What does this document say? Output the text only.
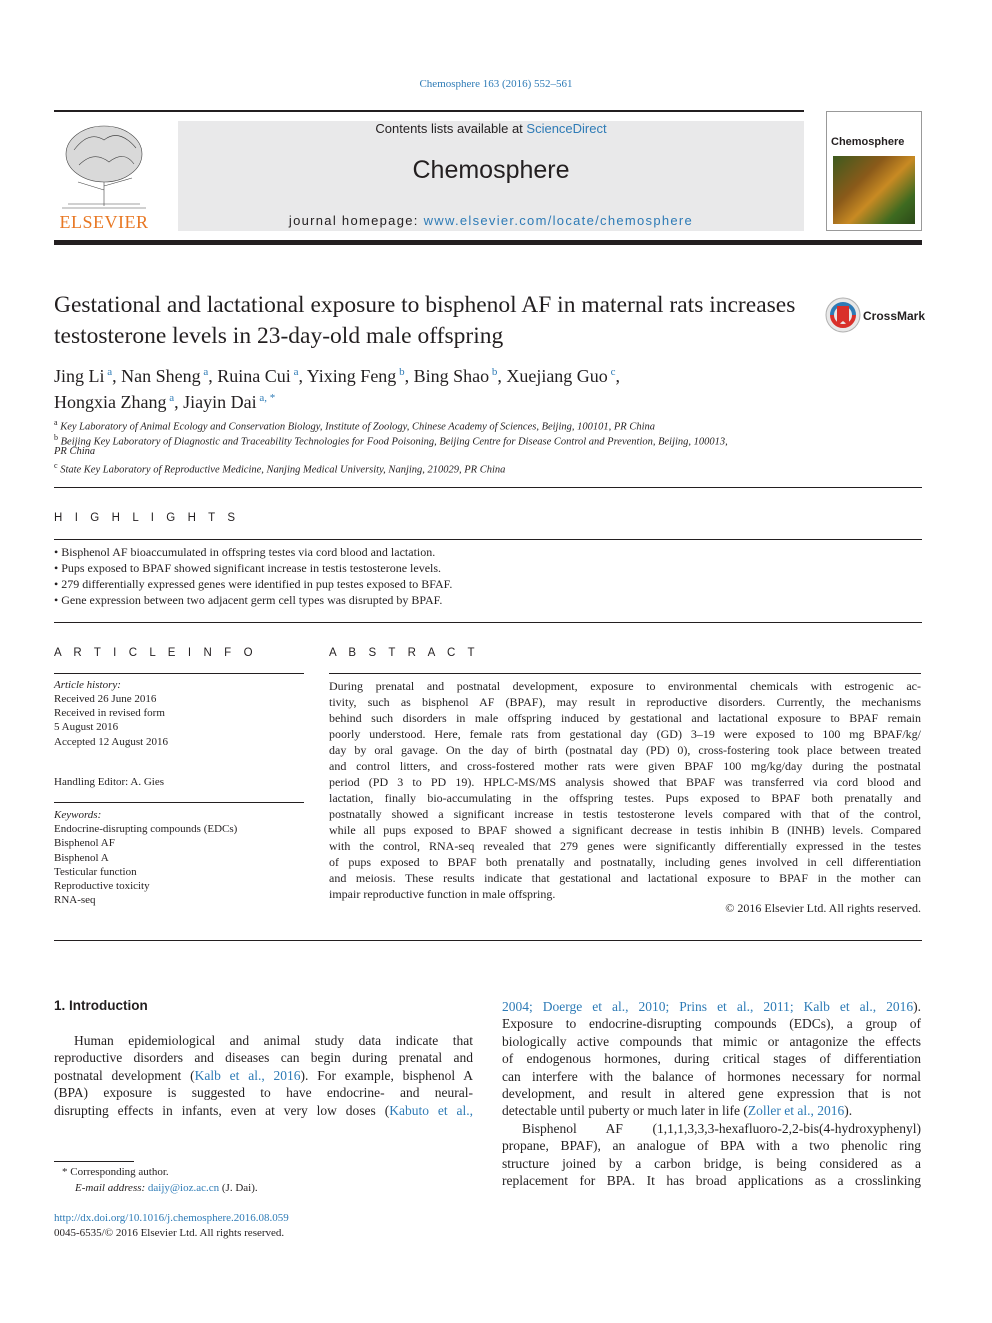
Chemosphere 163 (2016) 552–561
ELSEVIER
Contents lists available at ScienceDirect
Chemosphere
journal homepage: www.elsevier.com/locate/chemosphere
Chemosphere
Gestational and lactational exposure to bisphenol AF in maternal rats increases testosterone levels in 23-day-old male offspring
CrossMark
Jing Li $^a$, Nan Sheng $^a$, Ruina Cui $^a$, Yixing Feng $^b$, Bing Shao $^b$, Xuejiang Guo $^c$,
Hongxia Zhang $^a$, Jiayin Dai $^{a, *}$
$^a$ Key Laboratory of Animal Ecology and Conservation Biology, Institute of Zoology, Chinese Academy of Sciences, Beijing, 100101, PR China
$^b$ Beijing Key Laboratory of Diagnostic and Traceability Technologies for Food Poisoning, Beijing Centre for Disease Control and Prevention, Beijing, 100013,
PR China
$^c$ State Key Laboratory of Reproductive Medicine, Nanjing Medical University, Nanjing, 210029, PR China
H I G H L I G H T S
• Bisphenol AF bioaccumulated in offspring testes via cord blood and lactation.
• Pups exposed to BPAF showed significant increase in testis testosterone levels.
• 279 differentially expressed genes were identified in pup testes exposed to BFAF.
• Gene expression between two adjacent germ cell types was disrupted by BPAF.
A R T I C L E I N F O
Article history:
Received 26 June 2016
Received in revised form
5 August 2016
Accepted 12 August 2016
Handling Editor: A. Gies
Keywords:
Endocrine-disrupting compounds (EDCs)
Bisphenol AF
Bisphenol A
Testicular function
Reproductive toxicity
RNA-seq
A B S T R A C T
During prenatal and postnatal development, exposure to environmental chemicals with estrogenic ac-
tivity, such as bisphenol AF (BPAF), may result in reproductive disorders. Currently, the mechanisms
behind such disorders in male offspring induced by gestational and lactational exposure to BPAF remain
poorly understood. Here, female rats from gestational day (GD) 3–19 were exposed to 100 mg BPAF/kg/
day by oral gavage. On the day of birth (postnatal day (PD) 0), cross-fostering took place between treated
and control litters, and cross-fostered mother rats were given BPAF 100 mg/kg/day during the postnatal
period (PD 3 to PD 19). HPLC-MS/MS analysis showed that BPAF was transferred via cord blood and
lactation, finally bio-accumulating in the offspring testes. Pups exposed to BPAF both prenatally and
postnatally showed a significant increase in testis testosterone levels compared with that of the control,
while all pups exposed to BPAF showed a significant decrease in testis inhibin B (INHB) levels. Compared
with the control, RNA-seq revealed that 279 genes were significantly differentially expressed in the testes
of pups exposed to BPAF both prenatally and postnatally, including genes involved in cell differentiation
and meiosis. These results indicate that gestational and lactational exposure to BPAF in the mother can
impair reproductive function in male offspring.
© 2016 Elsevier Ltd. All rights reserved.
1. Introduction
Human epidemiological and animal study data indicate that
reproductive disorders and diseases can begin during prenatal and
postnatal development (Kalb et al., 2016). For example, bisphenol A
(BPA) exposure is suggested to have endocrine- and neural-
disrupting effects in infants, even at very low doses (Kabuto et al.,
2004; Doerge et al., 2010; Prins et al., 2011; Kalb et al., 2016).
Exposure to endocrine-disrupting compounds (EDCs), a group of
biologically active compounds that mimic or antagonize the effects
of endogenous hormones, during critical stages of differentiation
can interfere with the balance of hormones necessary for normal
development, and result in altered gene expression that is not
detectable until puberty or much later in life (Zoller et al., 2016).
Bisphenol AF (1,1,1,3,3,3-hexafluoro-2,2-bis(4-hydroxyphenyl)
propane, BPAF), an analogue of BPA with a two phenolic ring
structure joined by a carbon bridge, is being considered as a
replacement for BPA. It has broad applications as a crosslinking
* Corresponding author.
E-mail address: daijy@ioz.ac.cn (J. Dai).
http://dx.doi.org/10.1016/j.chemosphere.2016.08.059
0045-6535/© 2016 Elsevier Ltd. All rights reserved.
